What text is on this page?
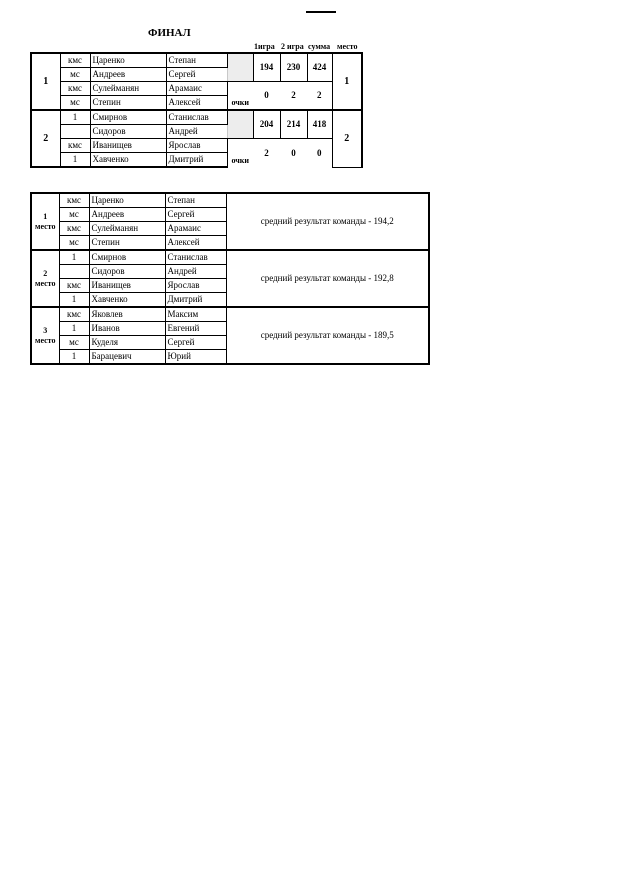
ФИНАЛ
1игра 2 игра сумма место
1	кмс	Царенко	Степан		194	230	424	1
	мс	Андреев	Сергей					
	кмс	Сулейманян	Арамаис	очки	0	2	2	
	мс	Степин	Алексей					
2	1	Смирнов	Станислав		204	214	418	2
		Сидоров	Андрей					
	кмс	Иванищев	Ярослав	очки	2	0	0	
	1	Хавченко	Дмитрий					
1
место	кмс	Царенко	Степан	средний результат команды - 194,2
	мс	Андреев	Сергей	
	кмс	Сулейманян	Арамаис	
	мс	Степин	Алексей	

2
место	1	Смирнов	Станислав	средний результат команды - 192,8
		Сидоров	Андрей	
	кмс	Иванищев	Ярослав	
	1	Хавченко	Дмитрий	

3
место	кмс	Яковлев	Максим	средний результат команды - 189,5
	1	Иванов	Евгений	
	мс	Куделя	Сергей	
	1	Барацевич	Юрий	
